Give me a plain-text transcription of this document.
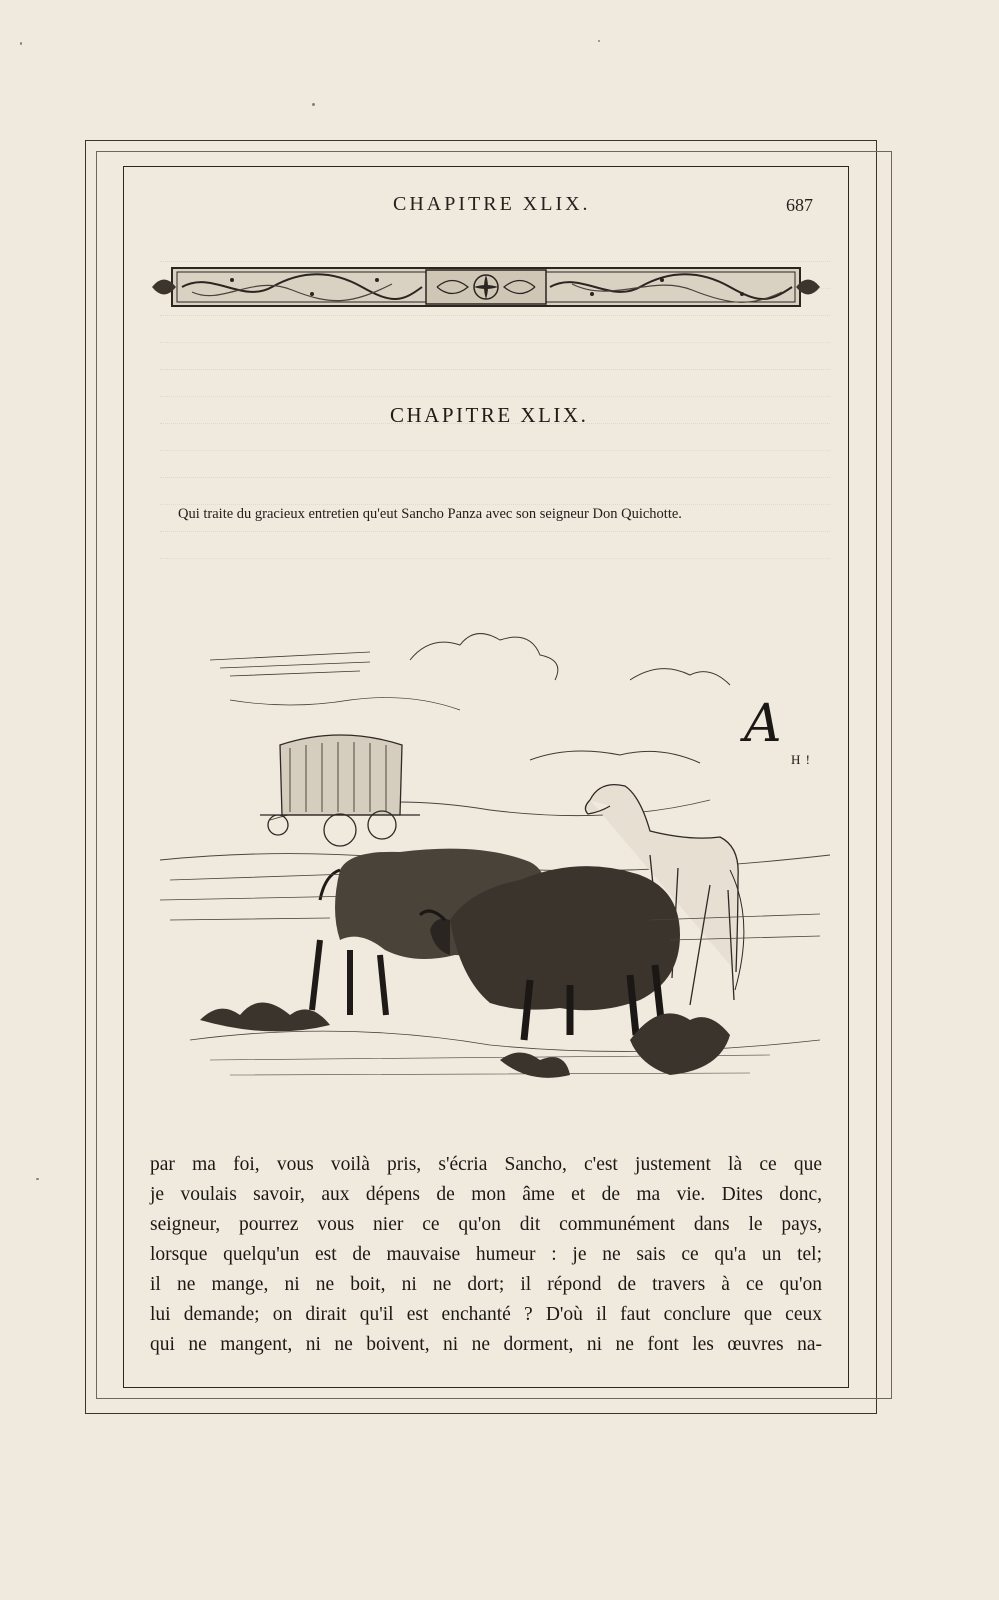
CHAPITRE XLIX.	687
CHAPITRE XLIX.
Qui traite du gracieux entretien qu'eut Sancho Panza avec son seigneur Don Quichotte.
A
H !

par ma foi, vous voilà pris, s'écria Sancho, c'est justement là ce que

je voulais savoir, aux dépens de mon âme et de ma vie. Dites donc,

seigneur, pourrez vous nier ce qu'on dit communément dans le pays,

lorsque quelqu'un est de mauvaise humeur : je ne sais ce qu'a un tel;

il ne mange, ni ne boit, ni ne dort; il répond de travers à ce qu'on

lui demande; on dirait qu'il est enchanté ? D'où il faut conclure que ceux

qui ne mangent, ni ne boivent, ni ne dorment, ni ne font les œuvres na-
